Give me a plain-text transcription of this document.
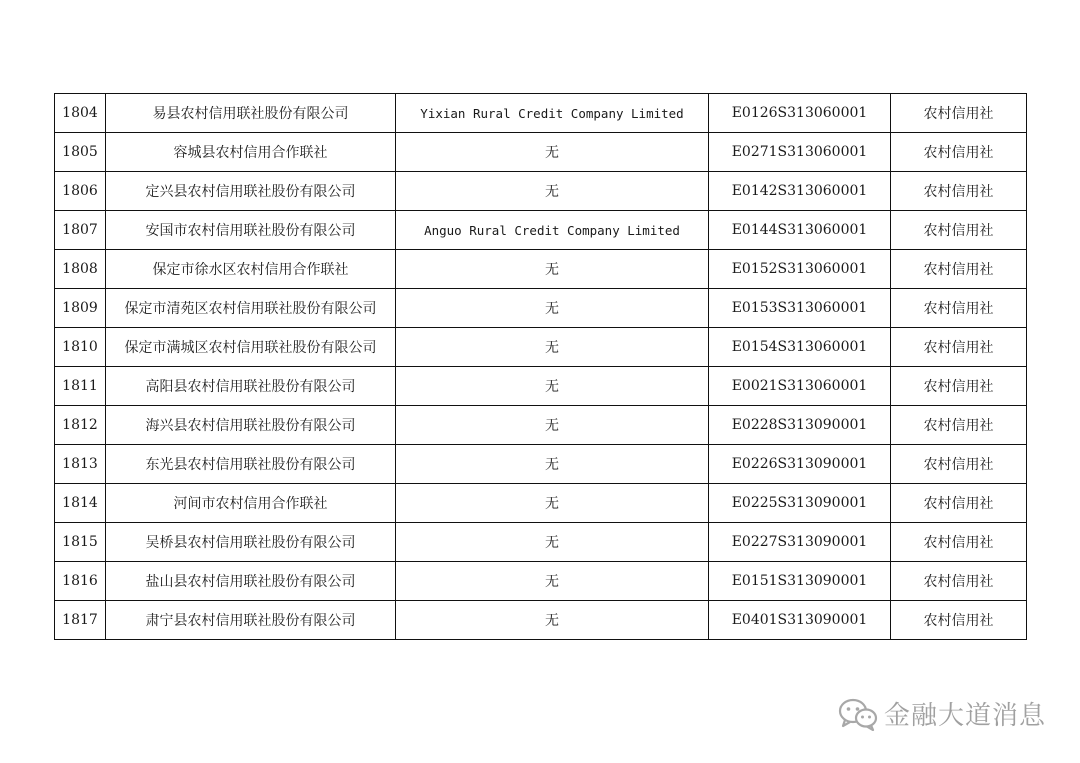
1804	易县农村信用联社股份有限公司	Yixian Rural Credit Company Limited	E0126S313060001	农村信用社
1805	容城县农村信用合作联社	无	E0271S313060001	农村信用社
1806	定兴县农村信用联社股份有限公司	无	E0142S313060001	农村信用社
1807	安国市农村信用联社股份有限公司	Anguo Rural Credit Company Limited	E0144S313060001	农村信用社
1808	保定市徐水区农村信用合作联社	无	E0152S313060001	农村信用社
1809	保定市清苑区农村信用联社股份有限公司	无	E0153S313060001	农村信用社
1810	保定市满城区农村信用联社股份有限公司	无	E0154S313060001	农村信用社
1811	高阳县农村信用联社股份有限公司	无	E0021S313060001	农村信用社
1812	海兴县农村信用联社股份有限公司	无	E0228S313090001	农村信用社
1813	东光县农村信用联社股份有限公司	无	E0226S313090001	农村信用社
1814	河间市农村信用合作联社	无	E0225S313090001	农村信用社
1815	吴桥县农村信用联社股份有限公司	无	E0227S313090001	农村信用社
1816	盐山县农村信用联社股份有限公司	无	E0151S313090001	农村信用社
1817	肃宁县农村信用联社股份有限公司	无	E0401S313090001	农村信用社
金融大道消息
